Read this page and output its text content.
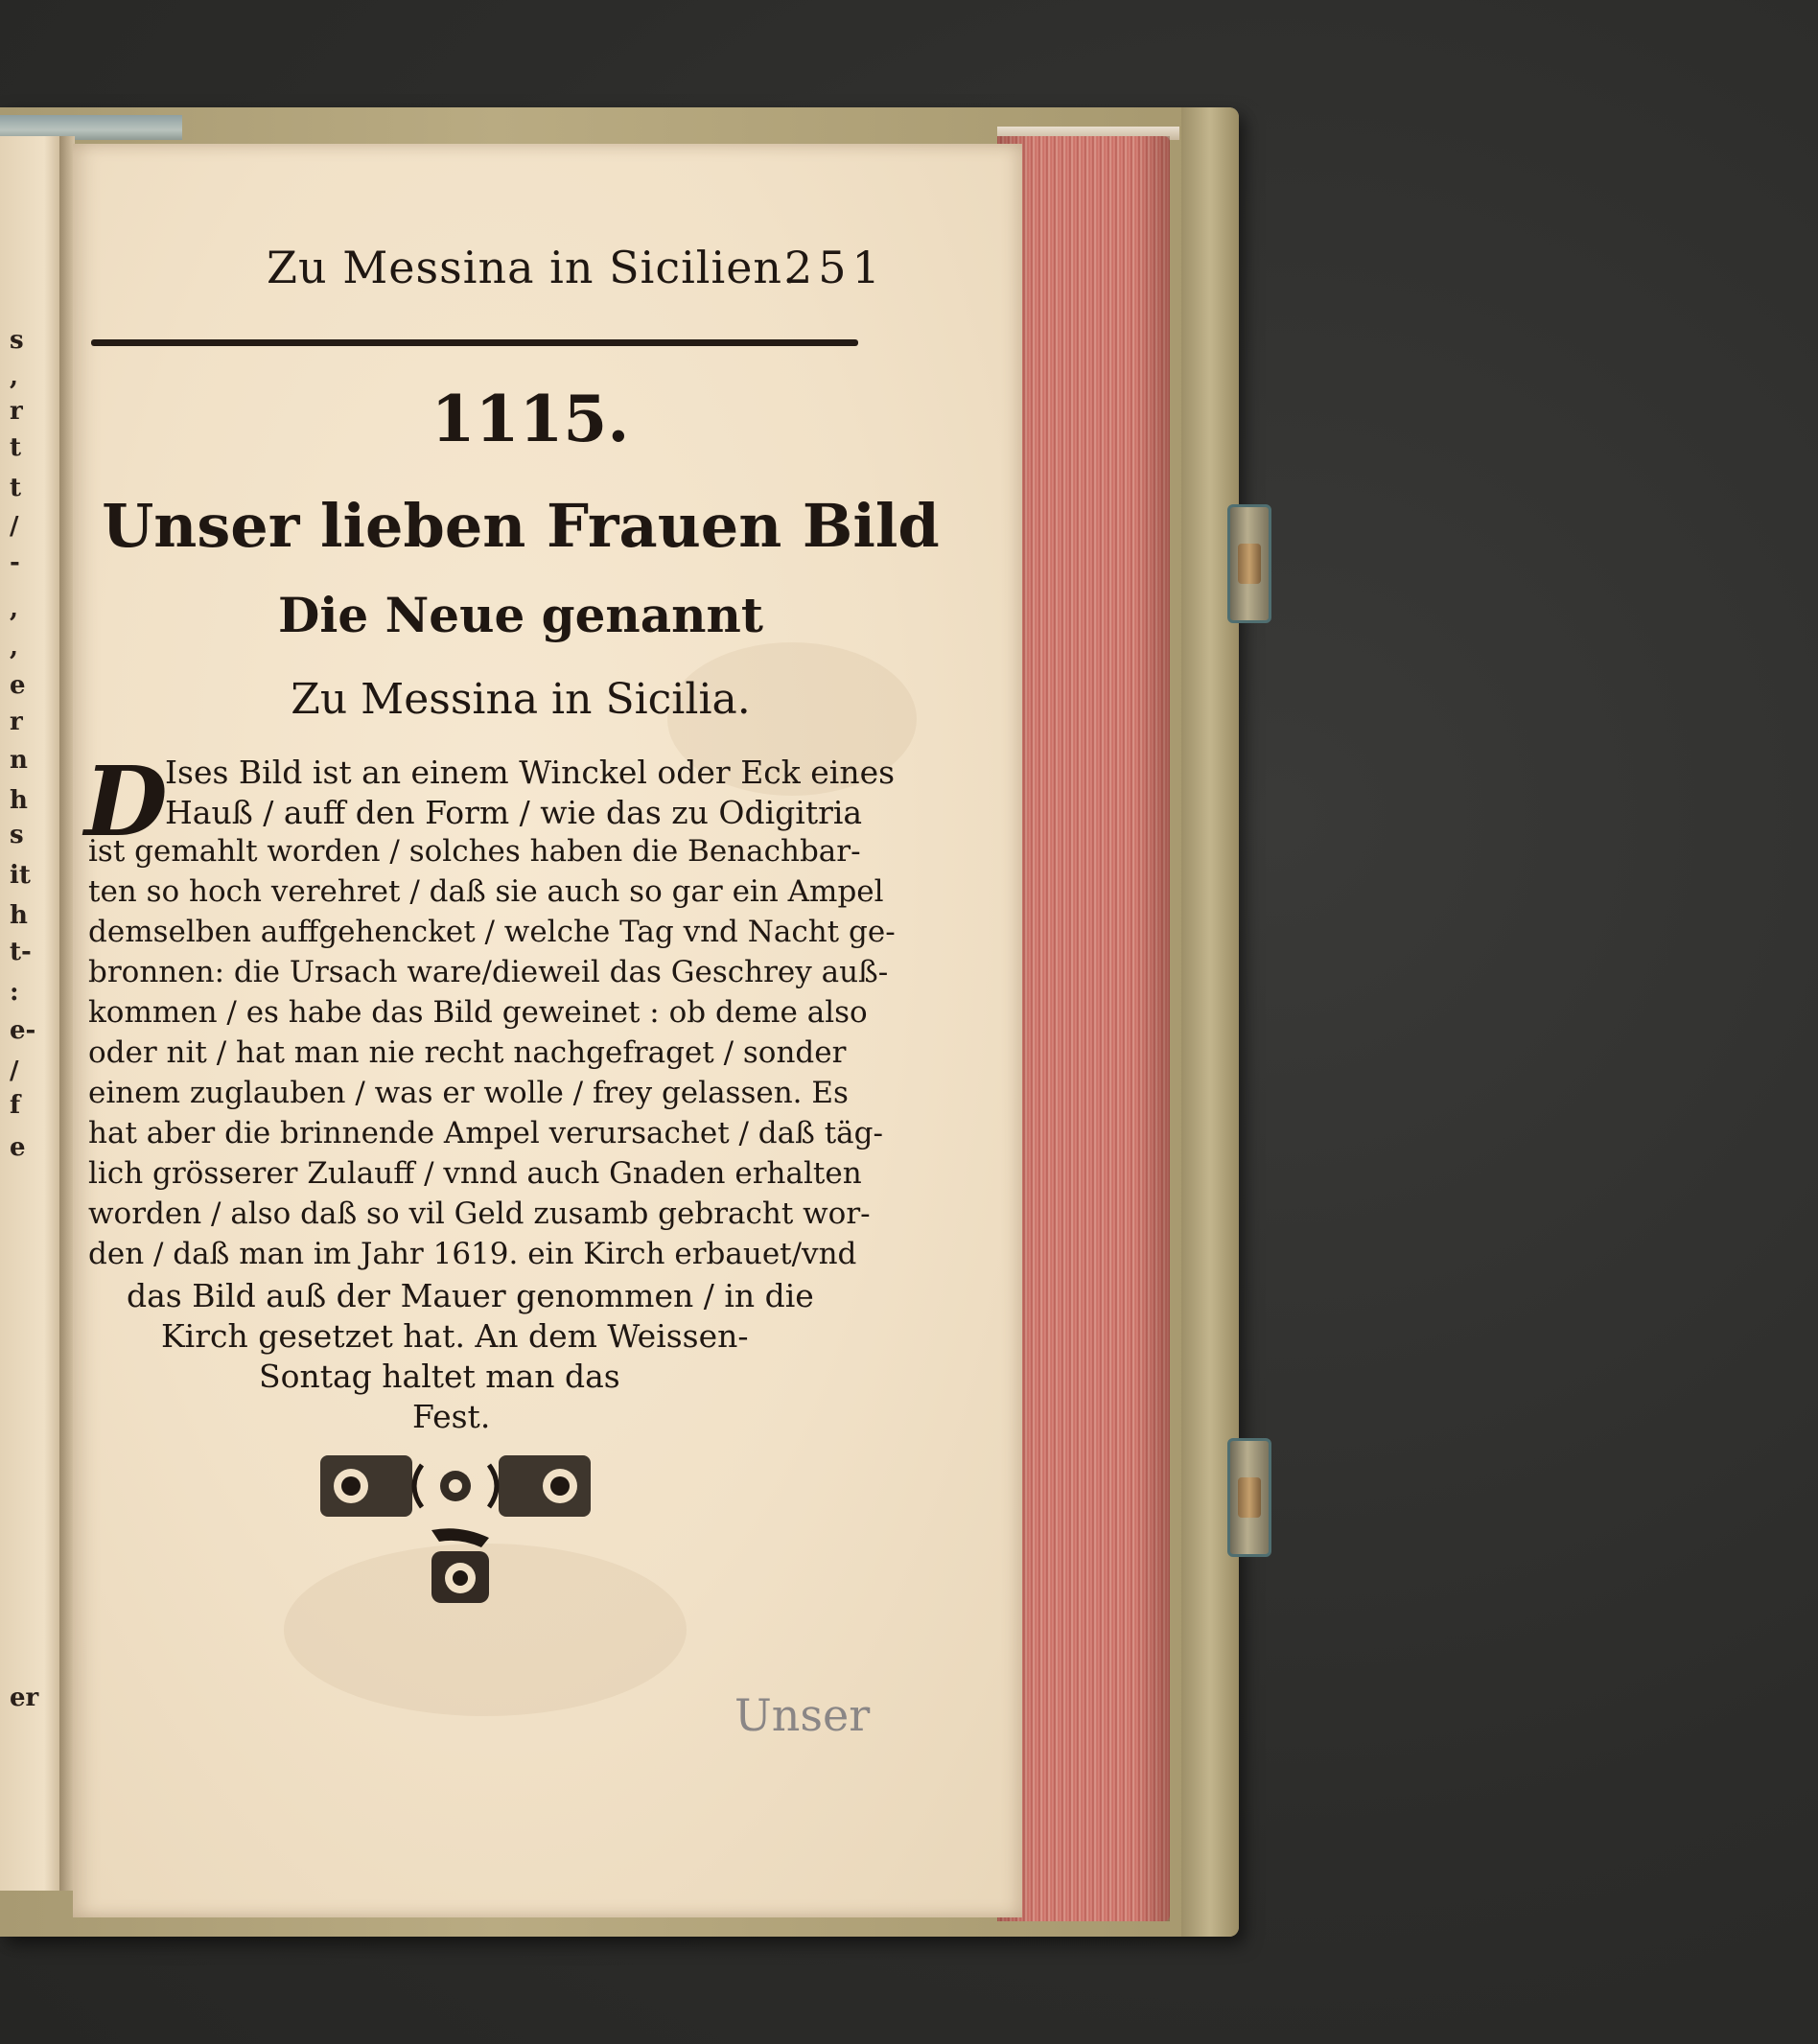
s
,
r
t
t
/
-
,
,
e
r
n
h
s
it
h
t-
:
e-
/
f
e
er
Zu Messina in Sicilien.
251
1115.
Unser lieben Frauen Bild
Die Neue genannt
Zu Messina in Sicilia.
D
Ises Bild ist an einem Winckel oder Eck eines
Hauß / auff den Form / wie das zu Odigitria
ist gemahlt worden / solches haben die Benachbar-
ten so hoch verehret / daß sie auch so gar ein Ampel
demselben auffgehencket / welche Tag vnd Nacht ge-
bronnen: die Ursach ware/dieweil das Geschrey auß-
kommen / es habe das Bild geweinet : ob deme also
oder nit / hat man nie recht nachgefraget / sonder
einem zuglauben / was er wolle / frey gelassen. Es
hat aber die brinnende Ampel verursachet / daß täg-
lich grösserer Zulauff / vnnd auch Gnaden erhalten
worden / also daß so vil Geld zusamb gebracht wor-
den / daß man im Jahr 1619. ein Kirch erbauet/vnd
das Bild auß der Mauer genommen / in die
Kirch gesetzet hat. An dem Weissen-
Sontag haltet man das
Fest.
Unser
